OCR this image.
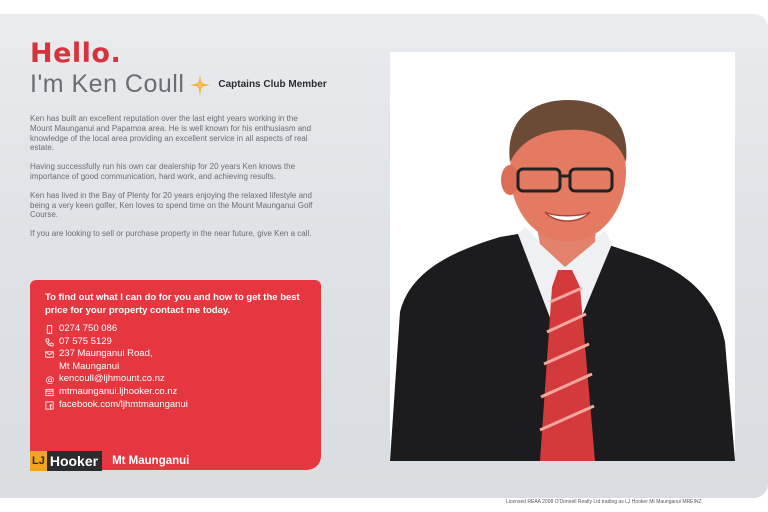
Hello.
I'm Ken Coull	Captains Club Member

Ken has built an excellent reputation over the last eight years working in the Mount Maunganui and Papamoa area. He is well known for his enthusiasm and knowledge of the local area providing an excellent service in all aspects of real estate.

Having successfully run his own car dealership for 20 years Ken knows the importance of good communication, hard work, and achieving results.

Ken has lived in the Bay of Plenty for 20 years enjoying the relaxed lifestyle and being a very keen golfer, Ken loves to spend time on the Mount Maunganui Golf Course.

If you are looking to sell or purchase property in the near future, give Ken a call.

To find out what I can do for you and how to get the best price for your property contact me today.

0274 750 086
07 575 5129
237 Maunganui Road,
Mt Maunganui
@ kencoull@ljhmount.co.nz
mtmaunganui.ljhooker.co.nz
facebook.com/ljhmtmaunganui
LJ Hooker Mt Maunganui
Licensed REAA 2008 O'Donnell Realty Ltd trading as LJ Hooker Mt Maunganui MREINZ
